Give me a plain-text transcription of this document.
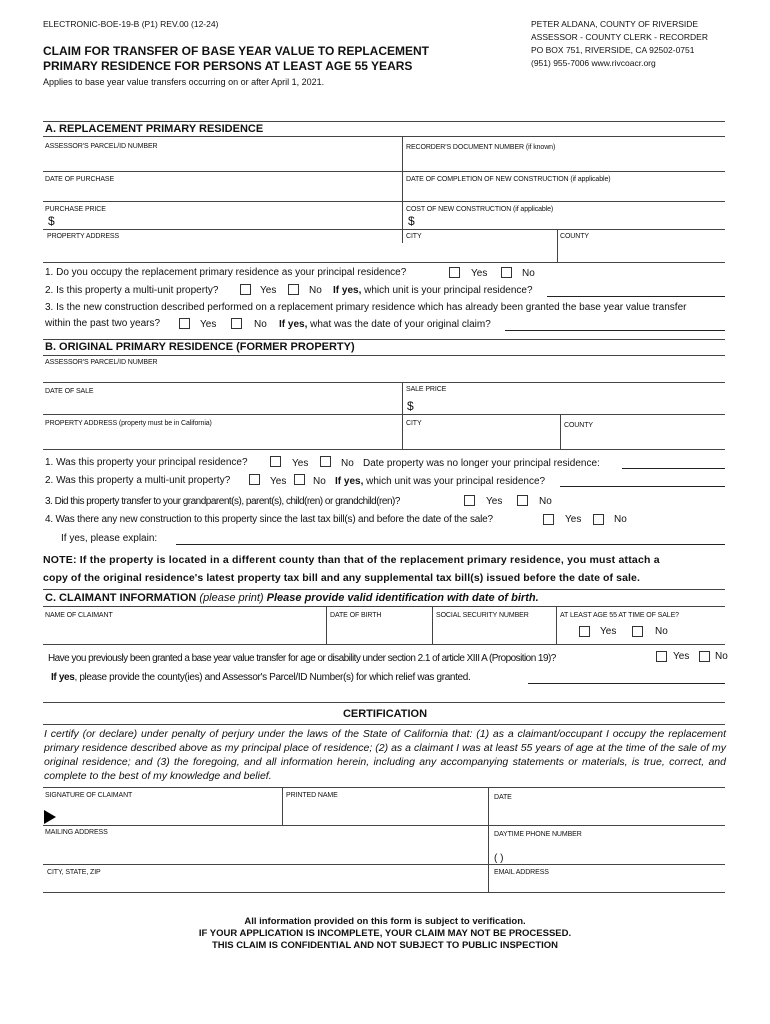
ELECTRONIC-BOE-19-B (P1) REV.00 (12-24)
CLAIM FOR TRANSFER OF BASE YEAR VALUE TO REPLACEMENT
PRIMARY RESIDENCE FOR PERSONS AT LEAST AGE 55 YEARS
Applies to base year value transfers occurring on or after April 1, 2021.
PETER ALDANA, COUNTY OF RIVERSIDE
ASSESSOR - COUNTY CLERK - RECORDER
PO BOX 751, RIVERSIDE, CA 92502-0751
(951) 955-7006 www.rivcoacr.org
A. REPLACEMENT PRIMARY RESIDENCE
ASSESSOR'S PARCEL/ID NUMBER	RECORDER'S DOCUMENT NUMBER (if known)
DATE OF PURCHASE	DATE OF COMPLETION OF NEW CONSTRUCTION (if applicable)
PURCHASE PRICE	COST OF NEW CONSTRUCTION (if applicable)
$	$
PROPERTY ADDRESS	CITY	COUNTY
1. Do you occupy the replacement primary residence as your principal residence?	Yes	No
2. Is this property a multi-unit property?	Yes	No If yes, which unit is your principal residence?
3. Is the new construction described performed on a replacement primary residence which has already been granted the base year value transfer
within the past two years?	Yes	No If yes, what was the date of your original claim?
B. ORIGINAL PRIMARY RESIDENCE (FORMER PROPERTY)
ASSESSOR'S PARCEL/ID NUMBER
DATE OF SALE	SALE PRICE
$
PROPERTY ADDRESS (property must be in California)	CITY	COUNTY
1. Was this property your principal residence?	Yes	No Date property was no longer your principal residence:
2. Was this property a multi-unit property?	Yes	No If yes, which unit was your principal residence?
3. Did this property transfer to your grandparent(s), parent(s), child(ren) or grandchild(ren)?	Yes	No
4. Was there any new construction to this property since the last tax bill(s) and before the date of the sale?	Yes	No
If yes, please explain:
NOTE: If the property is located in a different county than that of the replacement primary residence, you must attach a
copy of the original residence's latest property tax bill and any supplemental tax bill(s) issued before the date of sale.
C. CLAIMANT INFORMATION (please print) Please provide valid identification with date of birth.
NAME OF CLAIMANT	DATE OF BIRTH	SOCIAL SECURITY NUMBER	AT LEAST AGE 55 AT TIME OF SALE?
Yes	No
Have you previously been granted a base year value transfer for age or disability under section 2.1 of article XIII A (Proposition 19)?	Yes	No
If yes, please provide the county(ies) and Assessor's Parcel/ID Number(s) for which relief was granted.
CERTIFICATION
I certify (or declare) under penalty of perjury under the laws of the State of California that: (1) as a claimant/occupant I occupy the replacement primary residence described above as my principal place of residence; (2) as a claimant I was at least 55 years of age at the time of the sale of my original residence; and (3) the foregoing, and all information herein, including any accompanying statements or materials, is true, correct, and complete to the best of my knowledge and belief.
SIGNATURE OF CLAIMANT	PRINTED NAME	DATE
MAILING ADDRESS	DAYTIME PHONE NUMBER
( )
CITY, STATE, ZIP	EMAIL ADDRESS
All information provided on this form is subject to verification.
IF YOUR APPLICATION IS INCOMPLETE, YOUR CLAIM MAY NOT BE PROCESSED.
THIS CLAIM IS CONFIDENTIAL AND NOT SUBJECT TO PUBLIC INSPECTION
